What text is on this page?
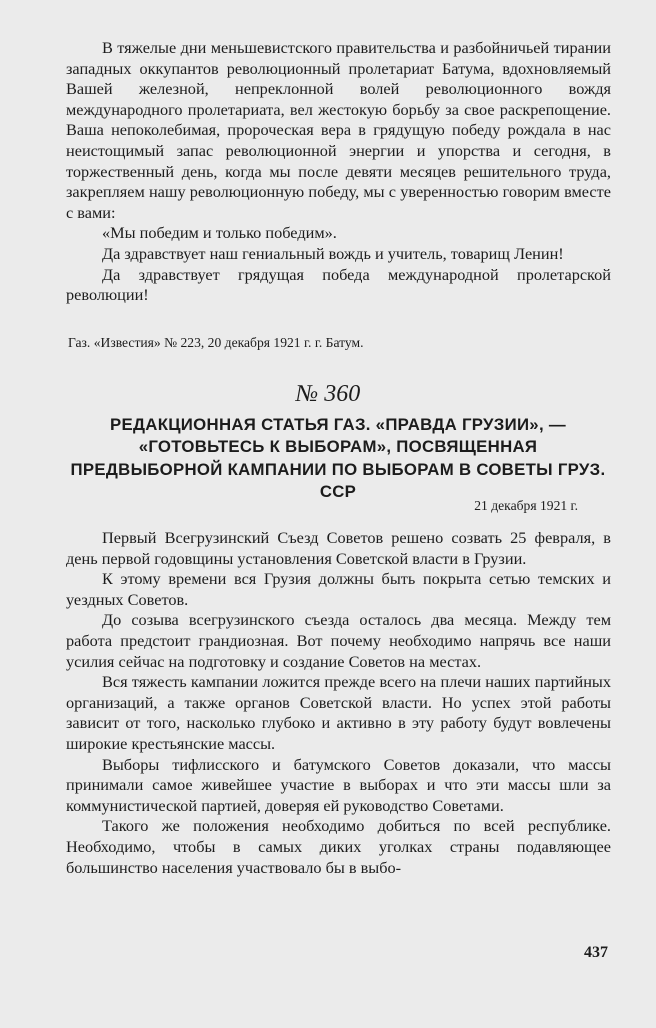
В тяжелые дни меньшевистского правительства и разбойничьей тирании западных оккупантов революционный пролетариат Батума, вдохновляемый Вашей железной, непреклонной волей революционного вождя международного пролетариата, вел жестокую борьбу за свое раскрепощение. Ваша непоколебимая, пророческая вера в грядущую победу рождала в нас неистощимый запас революционной энергии и упорства и сегодня, в торжественный день, когда мы после девяти месяцев решительного труда, закрепляем нашу революционную победу, мы с уверенностью говорим вместе с вами:

«Мы победим и только победим».

Да здравствует наш гениальный вождь и учитель, товарищ Ленин!

Да здравствует грядущая победа международной пролетарской революции!

Газ. «Известия» № 223, 20 декабря 1921 г. г. Батум.
№ 360
РЕДАКЦИОННАЯ СТАТЬЯ ГАЗ. «ПРАВДА ГРУЗИИ», — «ГОТОВЬТЕСЬ К ВЫБОРАМ», ПОСВЯЩЕННАЯ ПРЕДВЫБОРНОЙ КАМПАНИИ ПО ВЫБОРАМ В СОВЕТЫ ГРУЗ. ССР
21 декабря 1921 г.

Первый Всегрузинский Съезд Советов решено созвать 25 февраля, в день первой годовщины установления Советской власти в Грузии.

К этому времени вся Грузия должны быть покрыта сетью темских и уездных Советов.

До созыва всегрузинского съезда осталось два месяца. Между тем работа предстоит грандиозная. Вот почему необходимо напрячь все наши усилия сейчас на подготовку и создание Советов на местах.

Вся тяжесть кампании ложится прежде всего на плечи наших партийных организаций, а также органов Советской власти. Но успех этой работы зависит от того, насколько глубоко и активно в эту работу будут вовлечены широкие крестьянские массы.

Выборы тифлисского и батумского Советов доказали, что массы принимали самое живейшее участие в выборах и что эти массы шли за коммунистической партией, доверяя ей руководство Советами.

Такого же положения необходимо добиться по всей республике. Необходимо, чтобы в самых диких уголках страны подавляющее большинство населения участвовало бы в выбо-

437
